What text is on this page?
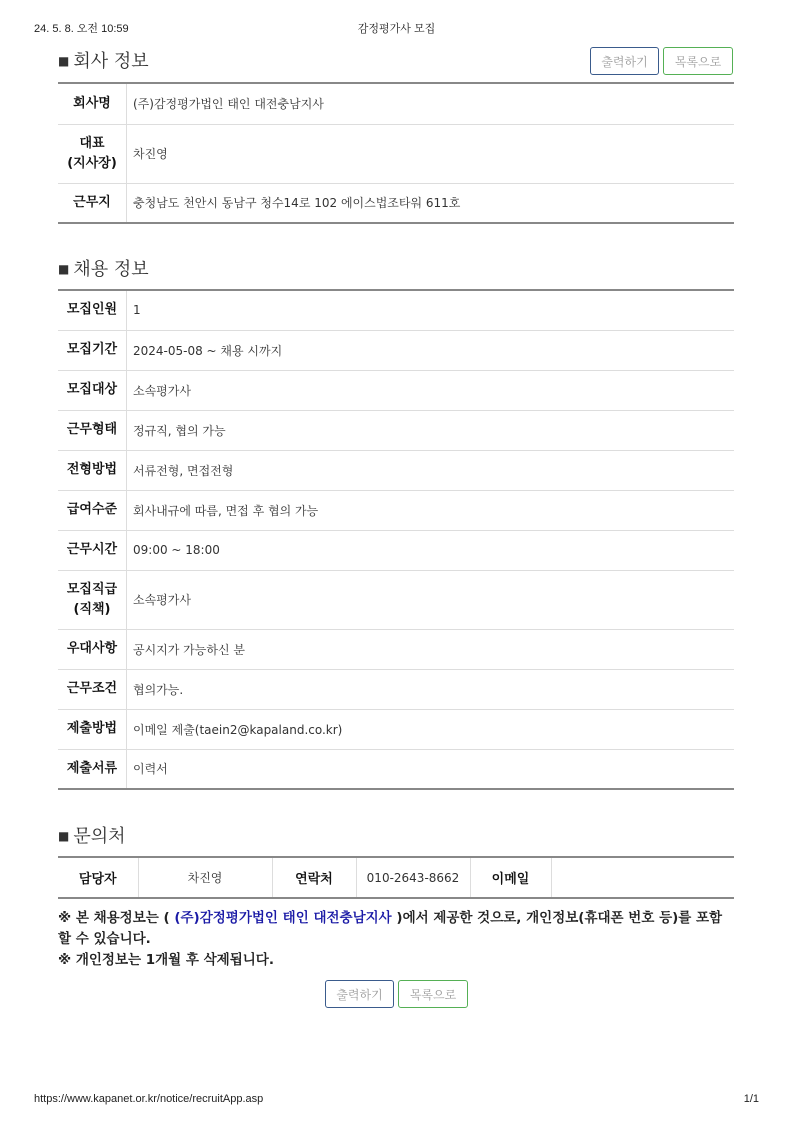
24. 5. 8. 오전 10:59	감정평가사 모집
■ 회사 정보	출력하기	목록으로
회사명	(주)감정평가법인 태인 대전충남지사
대표
(지사장)	차진영
근무지	충청남도 천안시 동남구 청수14로 102 에이스법조타워 611호
■ 채용 정보
모집인원	1
모집기간	2024-05-08 ~ 채용 시까지
모집대상	소속평가사
근무형태	정규직, 협의 가능
전형방법	서류전형, 면접전형
급여수준	회사내규에 따름, 면접 후 협의 가능
근무시간	09:00 ~ 18:00
모집직급
(직책)	소속평가사
우대사항	공시지가 가능하신 분
근무조건	협의가능.
제출방법	이메일 제출(taein2@kapaland.co.kr)
제출서류	이력서
■ 문의처
담당자	차진영	연락처	010-2643-8662	이메일	
※ 본 채용정보는 ( (주)감정평가법인 태인 대전충남지사 )에서 제공한 것으로, 개인정보(휴대폰 번호 등)를 포함할 수 있습니다.
※ 개인정보는 1개월 후 삭제됩니다.
출력하기	목록으로
https://www.kapanet.or.kr/notice/recruitApp.asp	1/1
